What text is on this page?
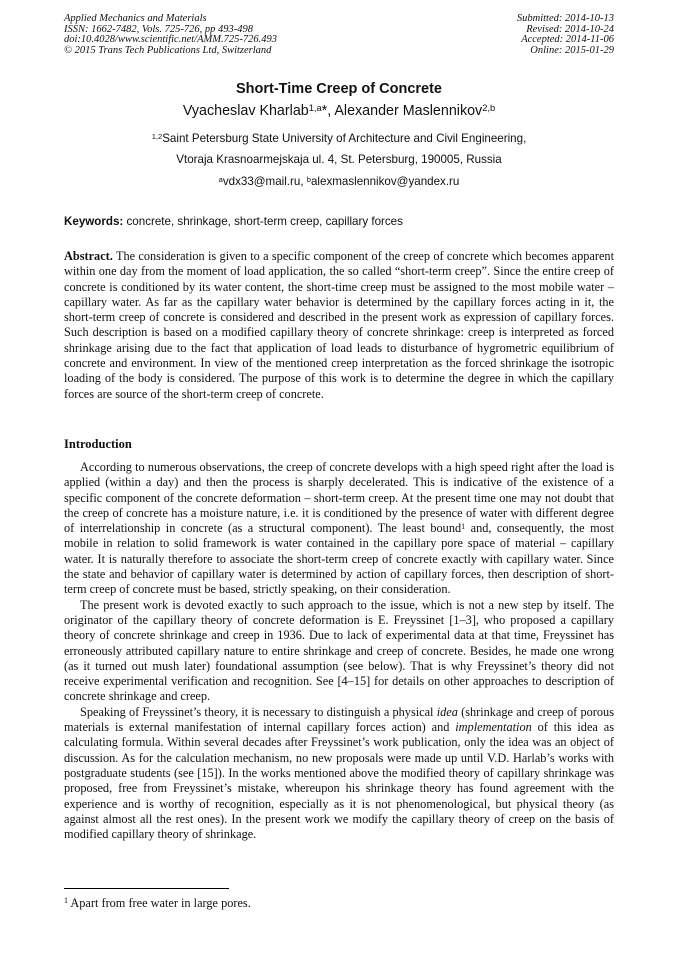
Applied Mechanics and Materials
ISSN: 1662-7482, Vols. 725-726, pp 493-498
doi:10.4028/www.scientific.net/AMM.725-726.493
© 2015 Trans Tech Publications Ltd, Switzerland
Submitted: 2014-10-13
Revised: 2014-10-24
Accepted: 2014-11-06
Online: 2015-01-29
Short-Time Creep of Concrete
Vyacheslav Kharlab$^{1,a}$*, Alexander Maslennikov$^{2,b}$
$^{1,2}$Saint Petersburg State University of Architecture and Civil Engineering,
Vtoraja Krasnoarmejskaja ul. 4, St. Petersburg, 190005, Russia
$^a$vdx33@mail.ru, $^b$alexmaslennikov@yandex.ru
Keywords: concrete, shrinkage, short-term creep, capillary forces

Abstract. The consideration is given to a specific component of the creep of concrete which becomes apparent within one day from the moment of load application, the so called “short-term creep”. Since the entire creep of concrete is conditioned by its water content, the short-time creep must be assigned to the most mobile water – capillary water. As far as the capillary water behavior is determined by the capillary forces acting in it, the short-term creep of concrete is considered and described in the present work as expression of capillary forces. Such description is based on a modified capillary theory of concrete shrinkage: creep is interpreted as forced shrinkage arising due to the fact that application of load leads to disturbance of hygrometric equilibrium of concrete and environment. In view of the mentioned creep interpretation as the forced shrinkage the isotropic loading of the body is considered. The purpose of this work is to determine the degree in which the capillary forces are source of the short-term creep of concrete.

Introduction

According to numerous observations, the creep of concrete develops with a high speed right after the load is applied (within a day) and then the process is sharply decelerated. This is indicative of the existence of a specific component of the concrete deformation – short-term creep. At the present time one may not doubt that the creep of concrete has a moisture nature, i.e. it is conditioned by the presence of water with different degree of interrelationship in concrete (as a structural component). The least bound$^1$ and, consequently, the most mobile in relation to solid framework is water contained in the capillary pore space of material – capillary water. It is naturally therefore to associate the short-term creep of concrete exactly with capillary water. Since the state and behavior of capillary water is determined by action of capillary forces, then description of short-term creep of concrete must be based, strictly speaking, on their consideration.

The present work is devoted exactly to such approach to the issue, which is not a new step by itself. The originator of the capillary theory of concrete deformation is E. Freyssinet [1–3], who proposed a capillary theory of concrete shrinkage and creep in 1936. Due to lack of experimental data at that time, Freyssinet has erroneously attributed capillary nature to entire shrinkage and creep of concrete. Besides, he made one wrong (as it turned out mush later) foundational assumption (see below). That is why Freyssinet’s theory did not receive experimental verification and recognition. See [4–15] for details on other approaches to description of concrete shrinkage and creep.

Speaking of Freyssinet’s theory, it is necessary to distinguish a physical idea (shrinkage and creep of porous materials is external manifestation of internal capillary forces action) and implementation of this idea as calculating formula. Within several decades after Freyssinet’s work publication, only the idea was an object of discussion. As for the calculation mechanism, no new proposals were made up until V.D. Harlab’s works with postgraduate students (see [15]). In the works mentioned above the modified theory of capillary shrinkage was proposed, free from Freyssinet’s mistake, whereupon his shrinkage theory has found agreement with the experience and is worthy of recognition, especially as it is not phenomenological, but physical theory (as against almost all the rest ones). In the present work we modify the capillary theory of creep on the basis of modified capillary theory of shrinkage.

$^1$ Apart from free water in large pores.
